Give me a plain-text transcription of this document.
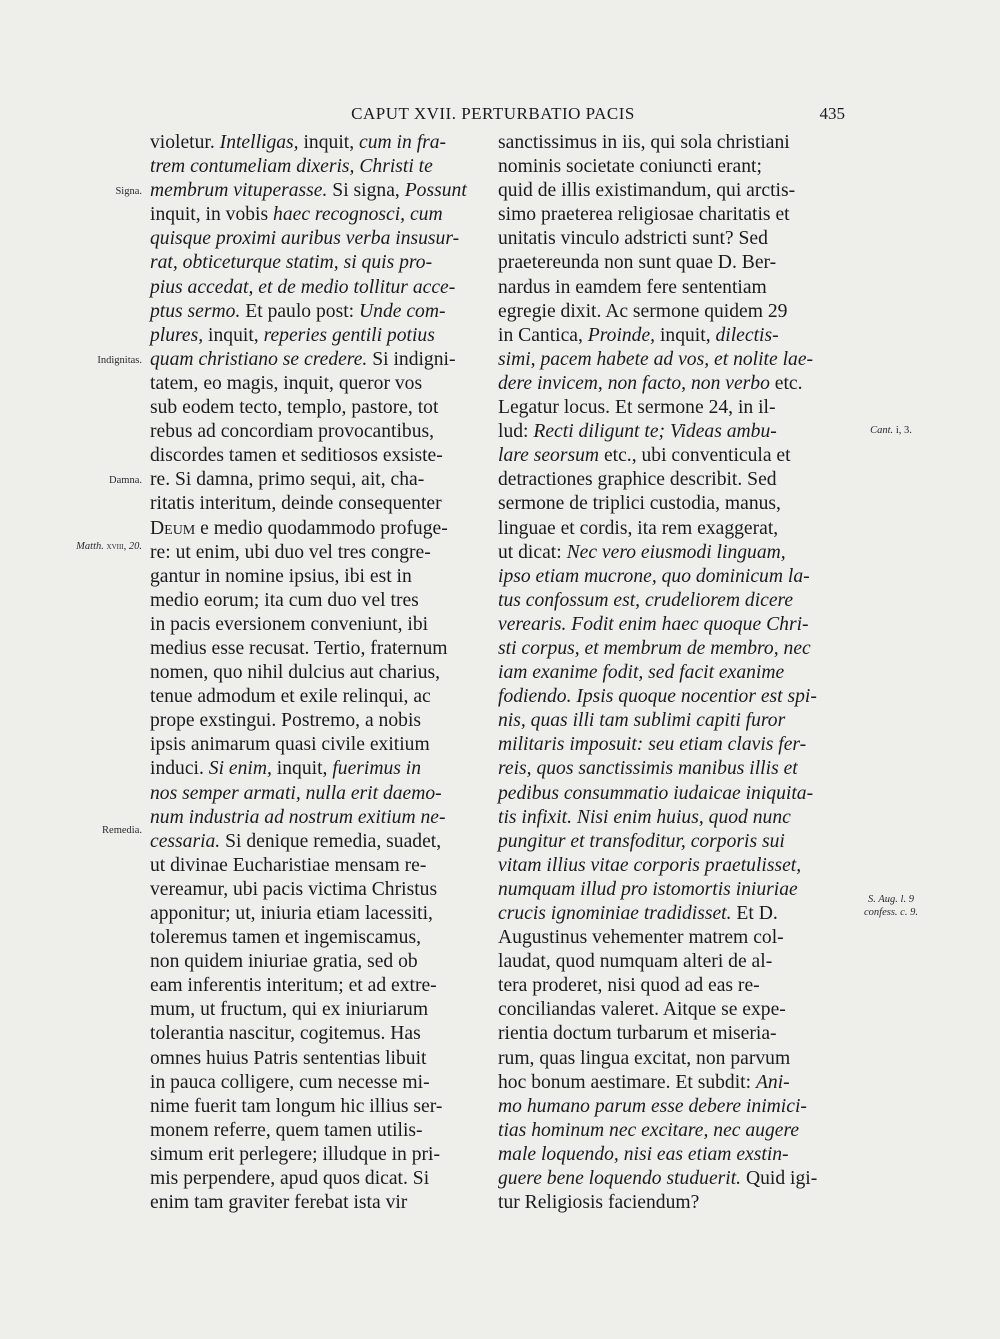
CAPUT XVII. PERTURBATIO PACIS	435
violetur. Intelligas, inquit, cum in fra-
trem contumeliam dixeris, Christi te
membrum vituperasse. Si signa, Possunt
inquit, in vobis haec recognosci, cum
quisque proximi auribus verba insusur-
rat, obticeturque statim, si quis pro-
pius accedat, et de medio tollitur acce-
ptus sermo. Et paulo post: Unde com-
plures, inquit, reperies gentili potius
quam christiano se credere. Si indigni-
tatem, eo magis, inquit, queror vos
sub eodem tecto, templo, pastore, tot
rebus ad concordiam provocantibus,
discordes tamen et seditiosos exsiste-
re. Si damna, primo sequi, ait, cha-
ritatis interitum, deinde consequenter
Deum e medio quodammodo profuge-
re: ut enim, ubi duo vel tres congre-
gantur in nomine ipsius, ibi est in
medio eorum; ita cum duo vel tres
in pacis eversionem conveniunt, ibi
medius esse recusat. Tertio, fraternum
nomen, quo nihil dulcius aut charius,
tenue admodum et exile relinqui, ac
prope exstingui. Postremo, a nobis
ipsis animarum quasi civile exitium
induci. Si enim, inquit, fuerimus in
nos semper armati, nulla erit daemo-
num industria ad nostrum exitium ne-
cessaria. Si denique remedia, suadet,
ut divinae Eucharistiae mensam re-
vereamur, ubi pacis victima Christus
apponitur; ut, iniuria etiam lacessiti,
toleremus tamen et ingemiscamus,
non quidem iniuriae gratia, sed ob
eam inferentis interitum; et ad extre-
mum, ut fructum, qui ex iniuriarum
tolerantia nascitur, cogitemus. Has
omnes huius Patris sententias libuit
in pauca colligere, cum necesse mi-
nime fuerit tam longum hic illius ser-
monem referre, quem tamen utilis-
simum erit perlegere; illudque in pri-
mis perpendere, apud quos dicat. Si
enim tam graviter ferebat ista vir
sanctissimus in iis, qui sola christiani
nominis societate coniuncti erant;
quid de illis existimandum, qui arctis-
simo praeterea religiosae charitatis et
unitatis vinculo adstricti sunt? Sed
praetereunda non sunt quae D. Ber-
nardus in eamdem fere sententiam
egregie dixit. Ac sermone quidem 29
in Cantica, Proinde, inquit, dilectis-
simi, pacem habete ad vos, et nolite lae-
dere invicem, non facto, non verbo etc.
Legatur locus. Et sermone 24, in il-
lud: Recti diligunt te; Videas ambu-
lare seorsum etc., ubi conventicula et
detractiones graphice describit. Sed
sermone de triplici custodia, manus,
linguae et cordis, ita rem exaggerat,
ut dicat: Nec vero eiusmodi linguam,
ipso etiam mucrone, quo dominicum la-
tus confossum est, crudeliorem dicere
verearis. Fodit enim haec quoque Chri-
sti corpus, et membrum de membro, nec
iam exanime fodit, sed facit exanime
fodiendo. Ipsis quoque nocentior est spi-
nis, quas illi tam sublimi capiti furor
militaris imposuit: seu etiam clavis fer-
reis, quos sanctissimis manibus illis et
pedibus consummatio iudaicae iniquita-
tis infixit. Nisi enim huius, quod nunc
pungitur et transfoditur, corporis sui
vitam illius vitae corporis praetulisset,
numquam illud pro istomortis iniuriae
crucis ignominiae tradidisset. Et D.
Augustinus vehementer matrem col-
laudat, quod numquam alteri de al-
tera proderet, nisi quod ad eas re-
conciliandas valeret. Aitque se expe-
rientia doctum turbarum et miseria-
rum, quas lingua excitat, non parvum
hoc bonum aestimare. Et subdit: Ani-
mo humano parum esse debere inimici-
tias hominum nec excitare, nec augere
male loquendo, nisi eas etiam exstin-
guere bene loquendo studuerit. Quid igi-
tur Religiosis faciendum?
Signa.
Indignitas.
Damna.
Matth. xviii, 20.
Remedia.
Cant. i, 3.
S. Aug. l. 9
confess. c. 9.
